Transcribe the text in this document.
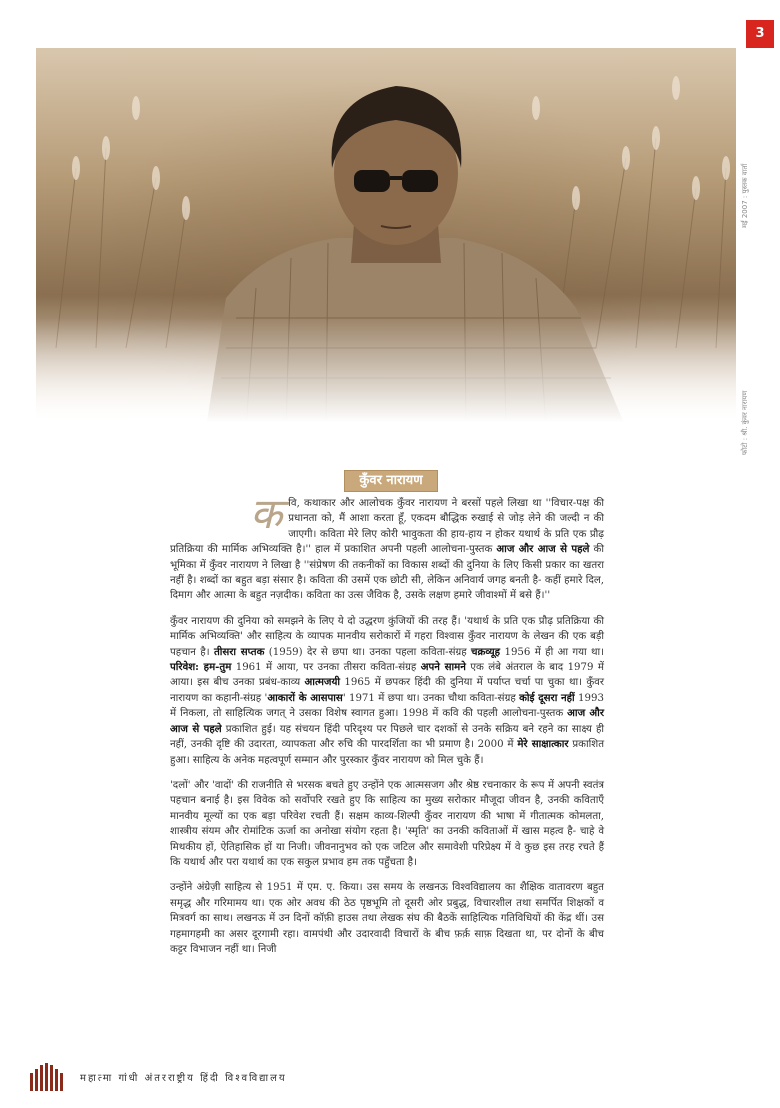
3
फोटो : श्री. कुंवर नारायण मई 2007 : पुस्तक वार्ता
कुँवर नारायण

क वि, कथाकार और आलोचक कुँवर नारायण ने बरसों पहले लिखा था ''विचार-पक्ष की प्रधानता को, मैं आशा करता हूँ, एकदम बौद्धिक रुखाई से जोड़ लेने की जल्दी न की जाएगी। कविता मेरे लिए कोरी भावुकता की हाय-हाय न होकर यथार्थ के प्रति एक प्रौढ़ प्रतिक्रिया की मार्मिक अभिव्यक्ति है।'' हाल में प्रकाशित अपनी पहली आलोचना-पुस्तक आज और आज से पहले की भूमिका में कुँवर नारायण ने लिखा है ''संप्रेषण की तकनीकों का विकास शब्दों की दुनिया के लिए किसी प्रकार का खतरा नहीं है। शब्दों का बहुत बड़ा संसार है। कविता की उसमें एक छोटी सी, लेकिन अनिवार्य जगह बनती है- कहीं हमारे दिल, दिमाग और आत्मा के बहुत नज़दीक। कविता का उत्स जैविक है, उसके लक्षण हमारे जीवाश्मों में बसे हैं।''

कुँवर नारायण की दुनिया को समझने के लिए ये दो उद्धरण कुंजियों की तरह हैं। 'यथार्थ के प्रति एक प्रौढ़ प्रतिक्रिया की मार्मिक अभिव्यक्ति' और साहित्य के व्यापक मानवीय सरोकारों में गहरा विश्वास कुँवर नारायण के लेखन की एक बड़ी पहचान है। तीसरा सप्तक (1959) देर से छपा था। उनका पहला कविता-संग्रह चक्रव्यूह 1956 में ही आ गया था। परिवेश: हम-तुम 1961 में आया, पर उनका तीसरा कविता-संग्रह अपने सामने एक लंबे अंतराल के बाद 1979 में आया। इस बीच उनका प्रबंध-काव्य आत्मजयी 1965 में छपकर हिंदी की दुनिया में पर्याप्त चर्चा पा चुका था। कुँवर नारायण का कहानी-संग्रह 'आकारों के आसपास' 1971 में छपा था। उनका चौथा कविता-संग्रह कोई दूसरा नहीं 1993 में निकला, तो साहित्यिक जगत् ने उसका विशेष स्वागत हुआ। 1998 में कवि की पहली आलोचना-पुस्तक आज और आज से पहले प्रकाशित हुई। यह संचयन हिंदी परिदृश्य पर पिछले चार दशकों से उनके सक्रिय बने रहने का साक्ष्य ही नहीं, उनकी दृष्टि की उदारता, व्यापकता और रुचि की पारदर्शिता का भी प्रमाण है। 2000 में मेरे साक्षात्कार प्रकाशित हुआ। साहित्य के अनेक महत्वपूर्ण सम्मान और पुरस्कार कुँवर नारायण को मिल चुके हैं।

'दलों' और 'वादों' की राजनीति से भरसक बचते हुए उन्होंने एक आत्मसजग और श्रेष्ठ रचनाकार के रूप में अपनी स्वतंत्र पहचान बनाई है। इस विवेक को सर्वोपरि रखते हुए कि साहित्य का मुख्य सरोकार मौजूदा जीवन है, उनकी कविताएँ मानवीय मूल्यों का एक बड़ा परिवेश रचती हैं। सक्षम काव्य-शिल्पी कुँवर नारायण की भाषा में गीतात्मक कोमलता, शास्त्रीय संयम और रोमांटिक ऊर्जा का अनोखा संयोग रहता है। 'स्मृति' का उनकी कविताओं में खास महत्व है- चाहे वे मिथकीय हों, ऐतिहासिक हों या निजी। जीवनानुभव को एक जटिल और समावेशी परिप्रेक्ष्य में वे कुछ इस तरह रचते हैं कि यथार्थ और परा यथार्थ का एक सकुल प्रभाव हम तक पहुँचता है।

उन्होंने अंग्रेज़ी साहित्य से 1951 में एम. ए. किया। उस समय के लखनऊ विश्वविद्यालय का शैक्षिक वातावरण बहुत समृद्ध और गरिमामय था। एक ओर अवध की ठेठ पृष्ठभूमि तो दूसरी ओर प्रबुद्ध, विचारशील तथा समर्पित शिक्षकों व मित्रवर्ग का साथ। लखनऊ में उन दिनों कॉफ़ी हाउस तथा लेखक संघ की बैठकें साहित्यिक गतिविधियों की केंद्र थीं। उस गहमागहमी का असर दूरगामी रहा। वामपंथी और उदारवादी विचारों के बीच फ़र्क़ साफ़ दिखता था, पर दोनों के बीच कट्टर विभाजन नहीं था। निजी

महात्मा गांधी अंतरराष्ट्रीय हिंदी विश्वविद्यालय
